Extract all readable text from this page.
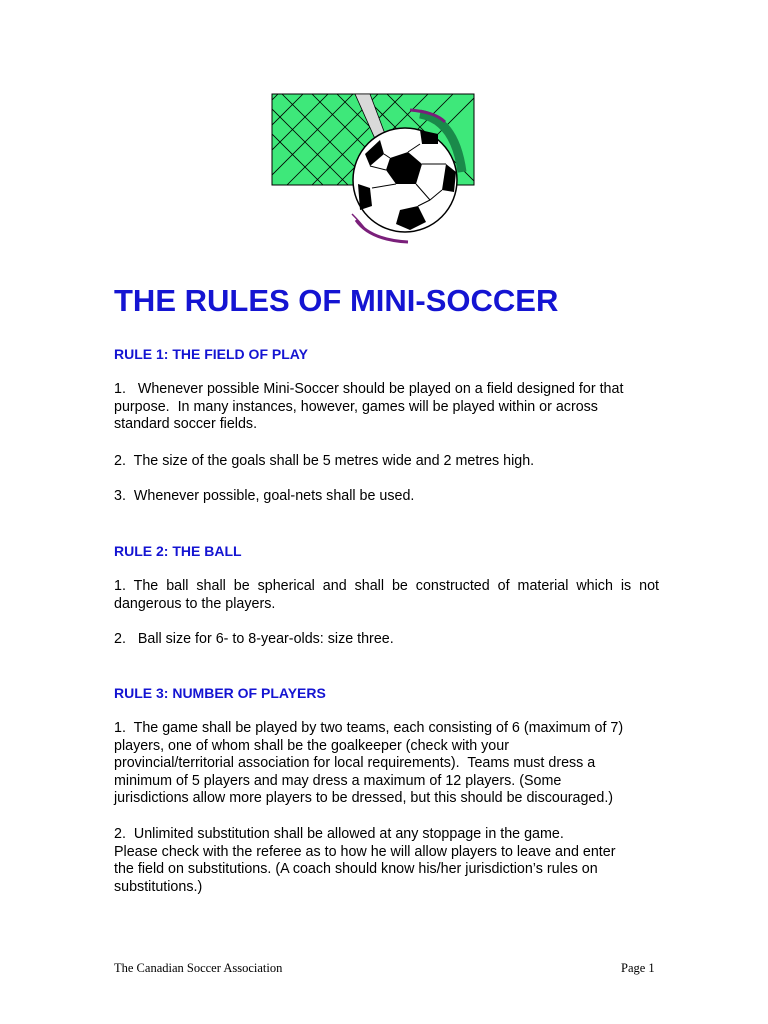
THE RULES OF MINI-SOCCER
RULE 1: THE FIELD OF PLAY

1.   Whenever possible Mini-Soccer should be played on a field designed for that
purpose.  In many instances, however, games will be played within or across
standard soccer fields.

2.  The size of the goals shall be 5 metres wide and 2 metres high.

3.  Whenever possible, goal-nets shall be used.

RULE 2: THE BALL

1. The ball shall be spherical and shall be constructed of material which is not dangerous to the players.

2.   Ball size for 6- to 8-year-olds: size three.

RULE 3: NUMBER OF PLAYERS

1.  The game shall be played by two teams, each consisting of 6 (maximum of 7)
players, one of whom shall be the goalkeeper (check with your
provincial/territorial association for local requirements).  Teams must dress a
minimum of 5 players and may dress a maximum of 12 players. (Some
jurisdictions allow more players to be dressed, but this should be discouraged.)

2.  Unlimited substitution shall be allowed at any stoppage in the game.
Please check with the referee as to how he will allow players to leave and enter
the field on substitutions. (A coach should know his/her jurisdiction’s rules on
substitutions.)

The Canadian Soccer Association	Page 1
